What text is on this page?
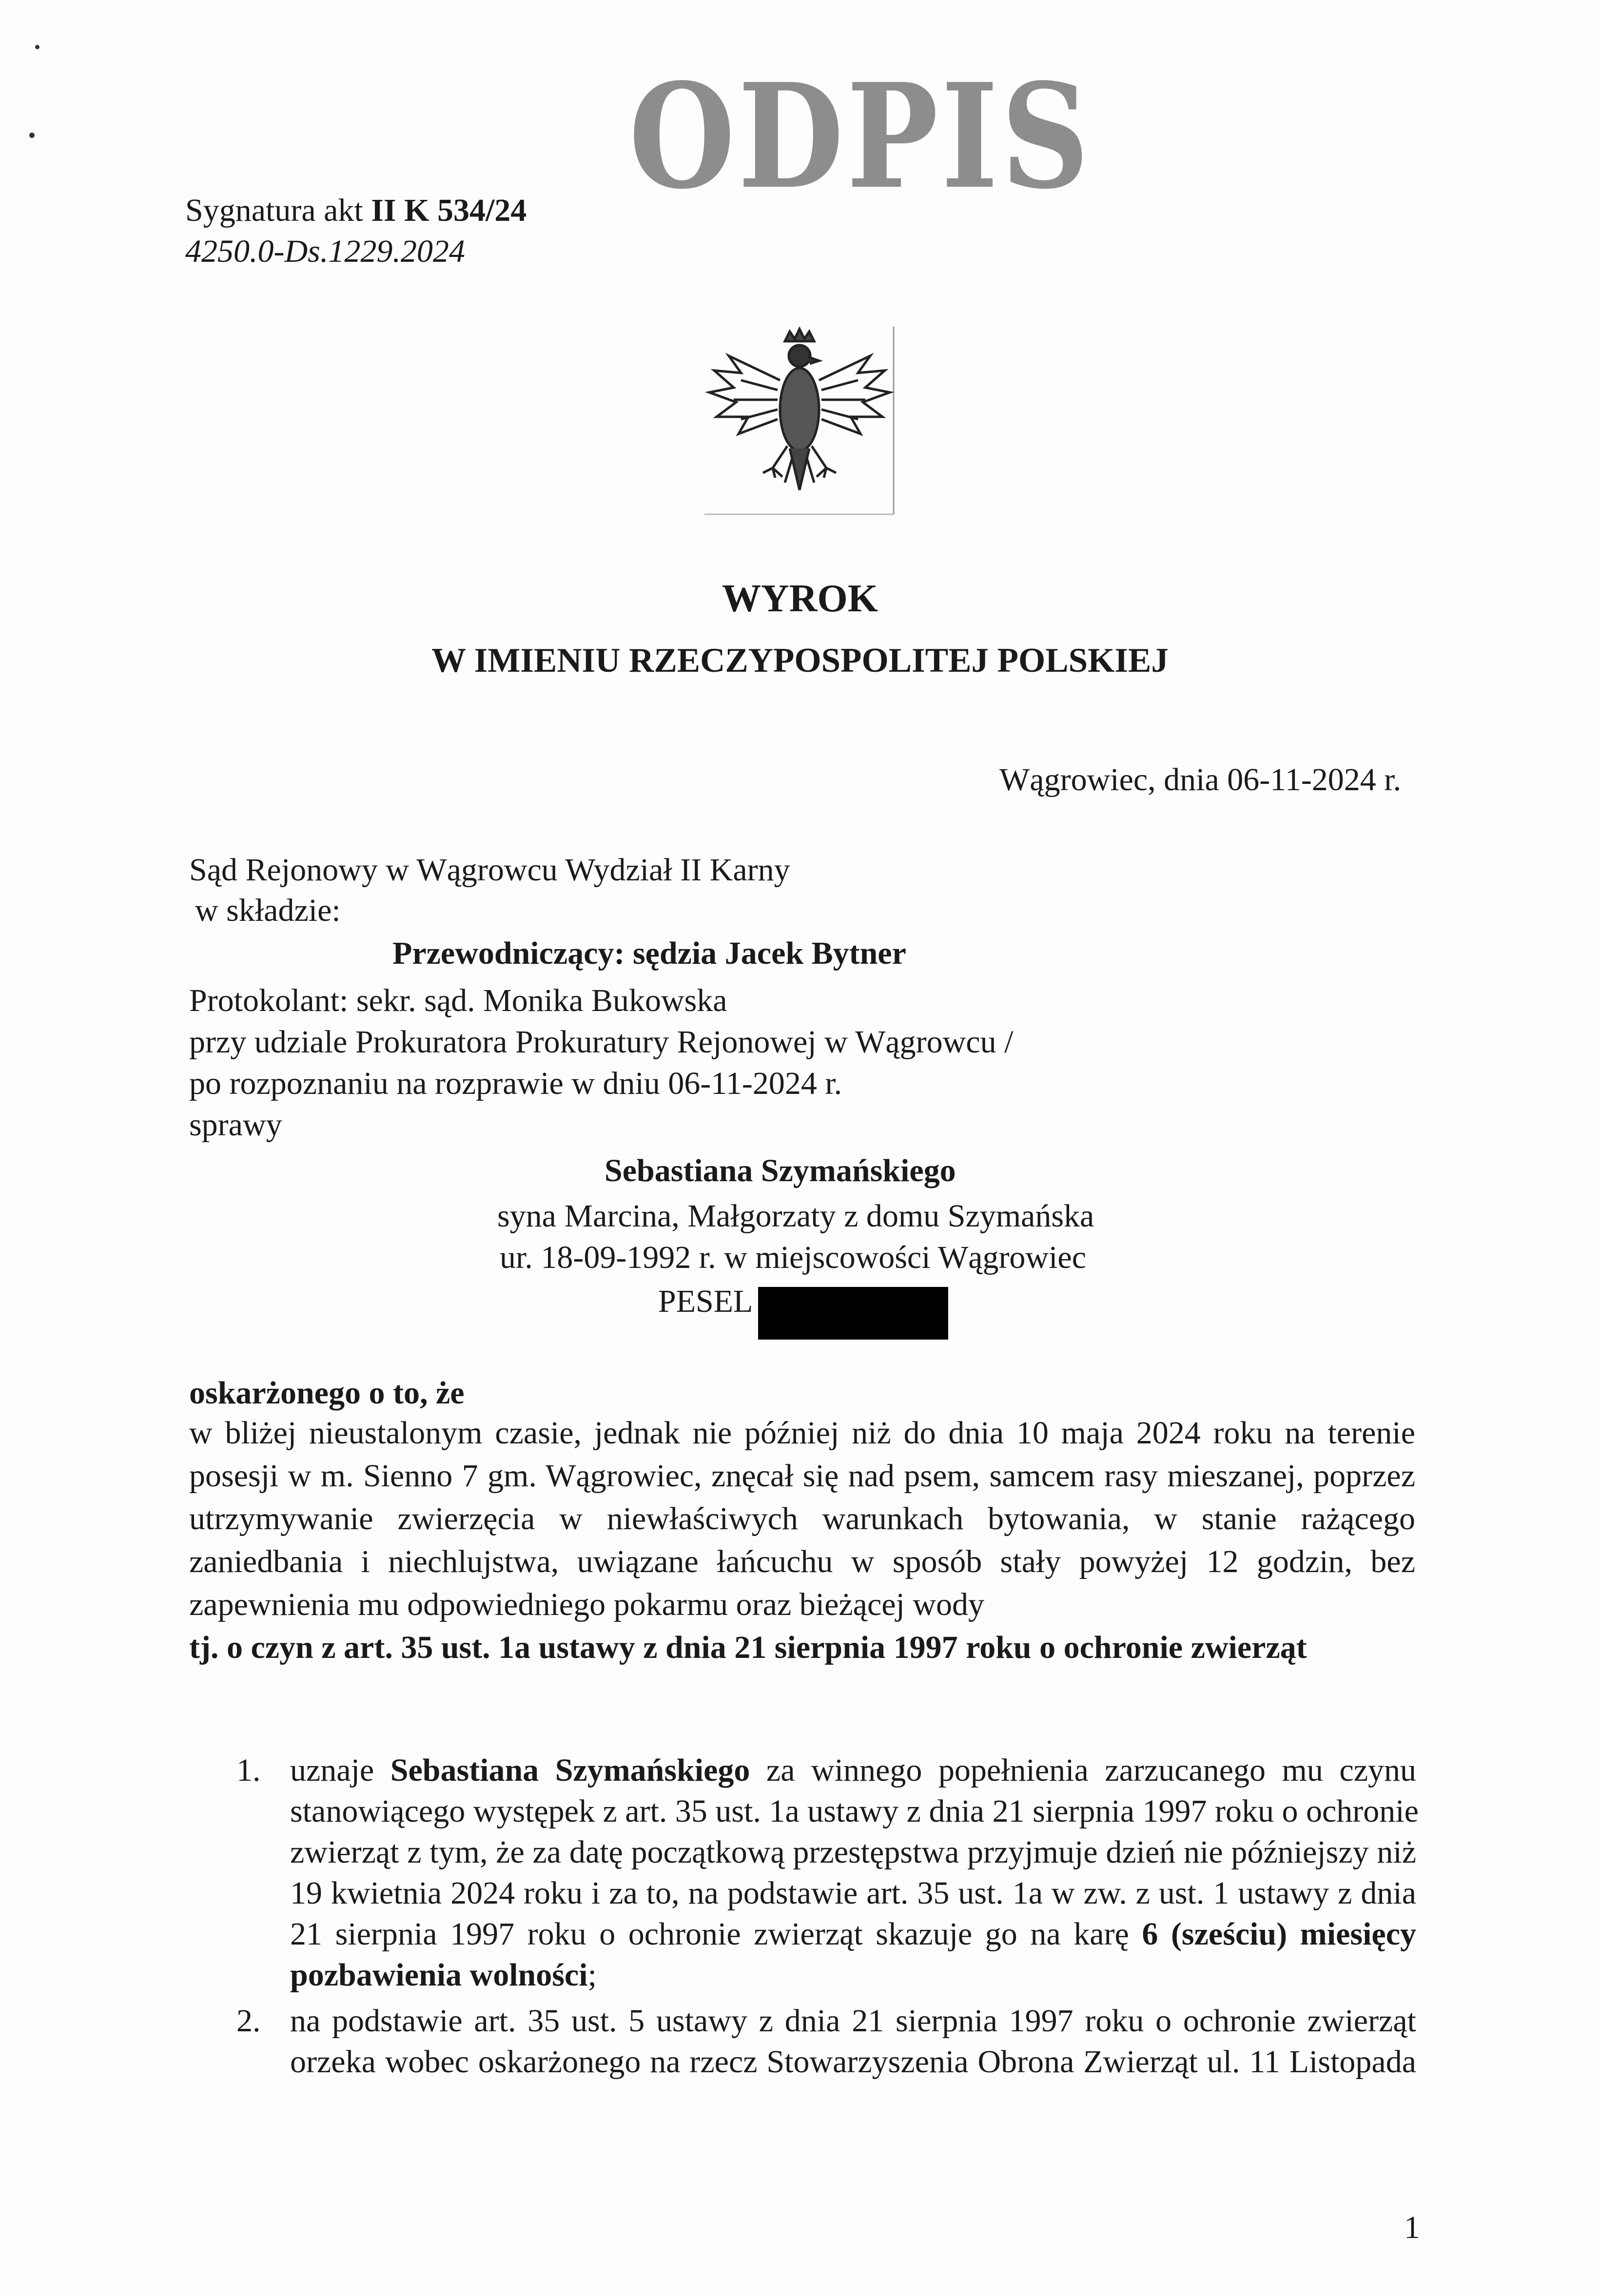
ODPIS
Sygnatura akt II K 534/24
4250.0-Ds.1229.2024
WYROK
W IMIENIU RZECZYPOSPOLITEJ POLSKIEJ
Wągrowiec, dnia 06-11-2024 r.
Sąd Rejonowy w Wągrowcu Wydział II Karny
w składzie:
Przewodniczący: sędzia Jacek Bytner
Protokolant: sekr. sąd. Monika Bukowska
przy udziale Prokuratora Prokuratury Rejonowej w Wągrowcu /
po rozpoznaniu na rozprawie w dniu 06-11-2024 r.
sprawy
Sebastiana Szymańskiego
syna Marcina, Małgorzaty z domu Szymańska
ur. 18-09-1992 r. w miejscowości Wągrowiec
PESEL
oskarżonego o to, że
w bliżej nieustalonym czasie, jednak nie później niż do dnia 10 maja 2024 roku na terenie
posesji w m. Sienno 7 gm. Wągrowiec, znęcał się nad psem, samcem rasy mieszanej, poprzez
utrzymywanie zwierzęcia w niewłaściwych warunkach bytowania, w stanie rażącego
zaniedbania i niechlujstwa, uwiązane łańcuchu w sposób stały powyżej 12 godzin, bez
zapewnienia mu odpowiedniego pokarmu oraz bieżącej wody
tj. o czyn z art. 35 ust. 1a ustawy z dnia 21 sierpnia 1997 roku o ochronie zwierząt
1. uznaje Sebastiana Szymańskiego za winnego popełnienia zarzucanego mu czynu
stanowiącego występek z art. 35 ust. 1a ustawy z dnia 21 sierpnia 1997 roku o ochronie
zwierząt z tym, że za datę początkową przestępstwa przyjmuje dzień nie późniejszy niż
19 kwietnia 2024 roku i za to, na podstawie art. 35 ust. 1a w zw. z ust. 1 ustawy z dnia
21 sierpnia 1997 roku o ochronie zwierząt skazuje go na karę 6 (sześciu) miesięcy
pozbawienia wolności;
2. na podstawie art. 35 ust. 5 ustawy z dnia 21 sierpnia 1997 roku o ochronie zwierząt
orzeka wobec oskarżonego na rzecz Stowarzyszenia Obrona Zwierząt ul. 11 Listopada
1
